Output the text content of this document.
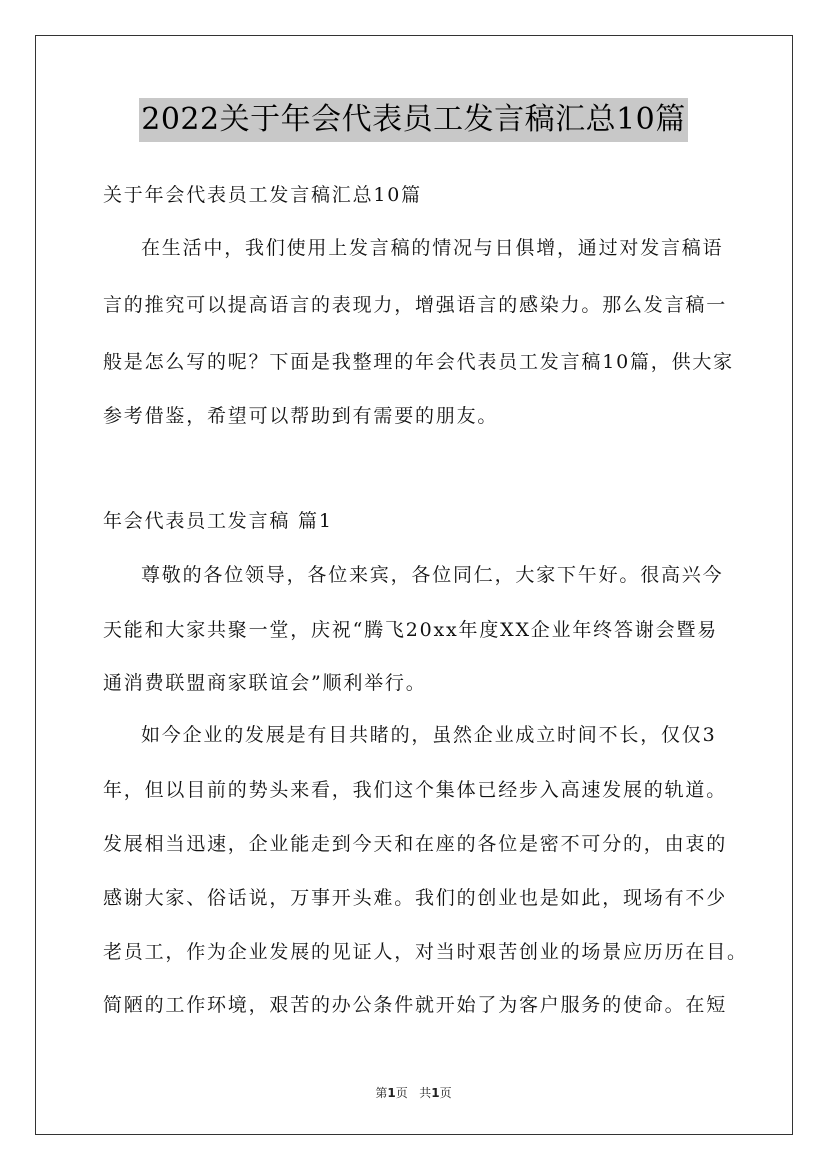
2022关于年会代表员工发言稿汇总10篇
关于年会代表员工发言稿汇总10篇
在生活中，我们使用上发言稿的情况与日俱增，通过对发言稿语
言的推究可以提高语言的表现力，增强语言的感染力。那么发言稿一
般是怎么写的呢？下面是我整理的年会代表员工发言稿10篇，供大家
参考借鉴，希望可以帮助到有需要的朋友。
年会代表员工发言稿 篇1
尊敬的各位领导，各位来宾，各位同仁，大家下午好。很高兴今
天能和大家共聚一堂，庆祝“腾飞20xx年度XX企业年终答谢会暨易
通消费联盟商家联谊会”顺利举行。
如今企业的发展是有目共睹的，虽然企业成立时间不长，仅仅3
年，但以目前的势头来看，我们这个集体已经步入高速发展的轨道。
发展相当迅速，企业能走到今天和在座的各位是密不可分的，由衷的
感谢大家、俗话说，万事开头难。我们的创业也是如此，现场有不少
老员工，作为企业发展的见证人，对当时艰苦创业的场景应历历在目。
简陋的工作环境，艰苦的办公条件就开始了为客户服务的使命。在短
第1页 共1页
